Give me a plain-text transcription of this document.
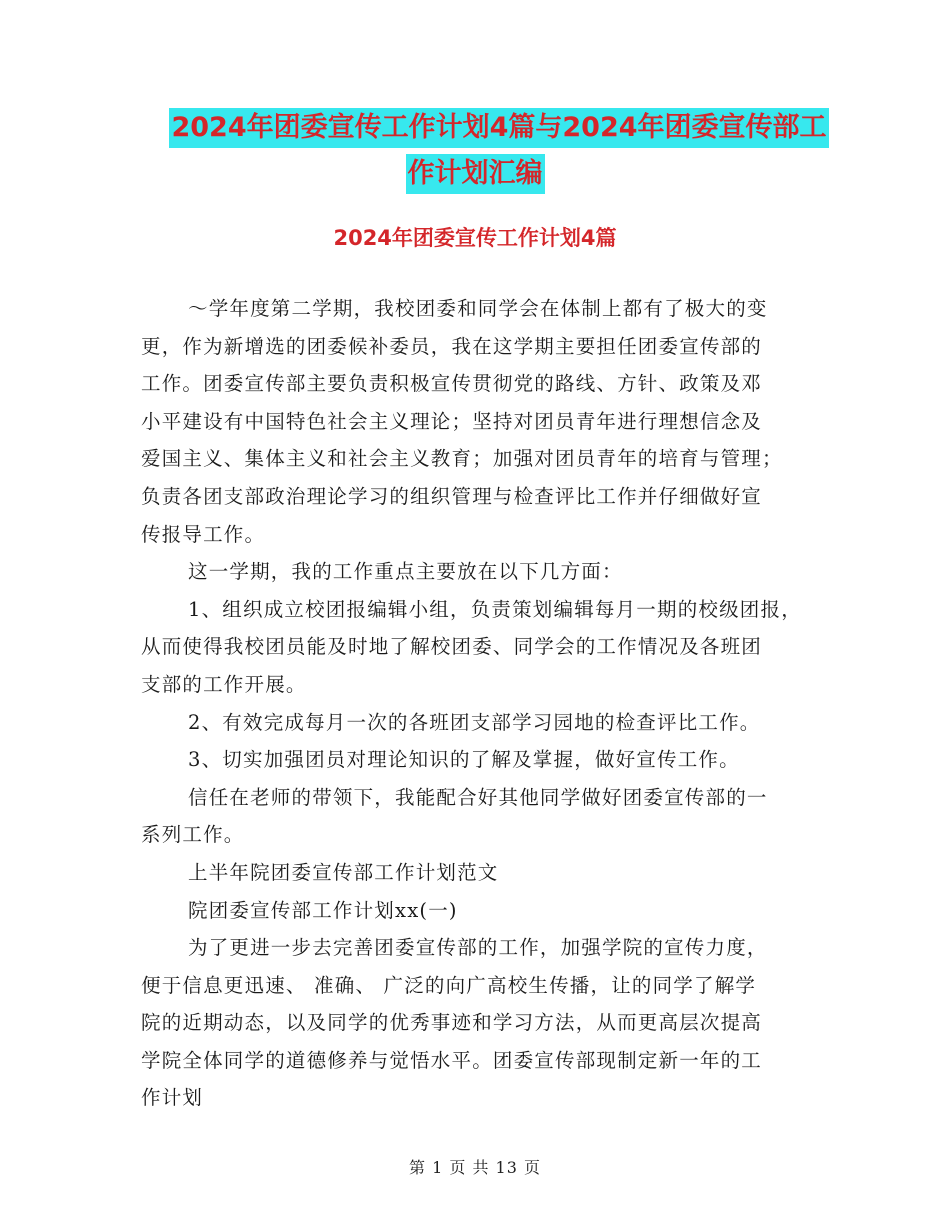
2024年团委宣传工作计划4篇与2024年团委宣传部工
作计划汇编
2024年团委宣传工作计划4篇
～学年度第二学期，我校团委和同学会在体制上都有了极大的变
更，作为新增选的团委候补委员，我在这学期主要担任团委宣传部的
工作。团委宣传部主要负责积极宣传贯彻党的路线、方针、政策及邓
小平建设有中国特色社会主义理论；坚持对团员青年进行理想信念及
爱国主义、集体主义和社会主义教育；加强对团员青年的培育与管理；
负责各团支部政治理论学习的组织管理与检查评比工作并仔细做好宣
传报导工作。
这一学期，我的工作重点主要放在以下几方面：
1、组织成立校团报编辑小组，负责策划编辑每月一期的校级团报，
从而使得我校团员能及时地了解校团委、同学会的工作情况及各班团
支部的工作开展。
2、有效完成每月一次的各班团支部学习园地的检查评比工作。
3、切实加强团员对理论知识的了解及掌握，做好宣传工作。
信任在老师的带领下，我能配合好其他同学做好团委宣传部的一
系列工作。
上半年院团委宣传部工作计划范文
院团委宣传部工作计划xx(一)
为了更进一步去完善团委宣传部的工作，加强学院的宣传力度，
便于信息更迅速、 准确、 广泛的向广高校生传播，让的同学了解学
院的近期动态，以及同学的优秀事迹和学习方法，从而更高层次提高
学院全体同学的道德修养与觉悟水平。团委宣传部现制定新一年的工
作计划
第 1 页 共 13 页
